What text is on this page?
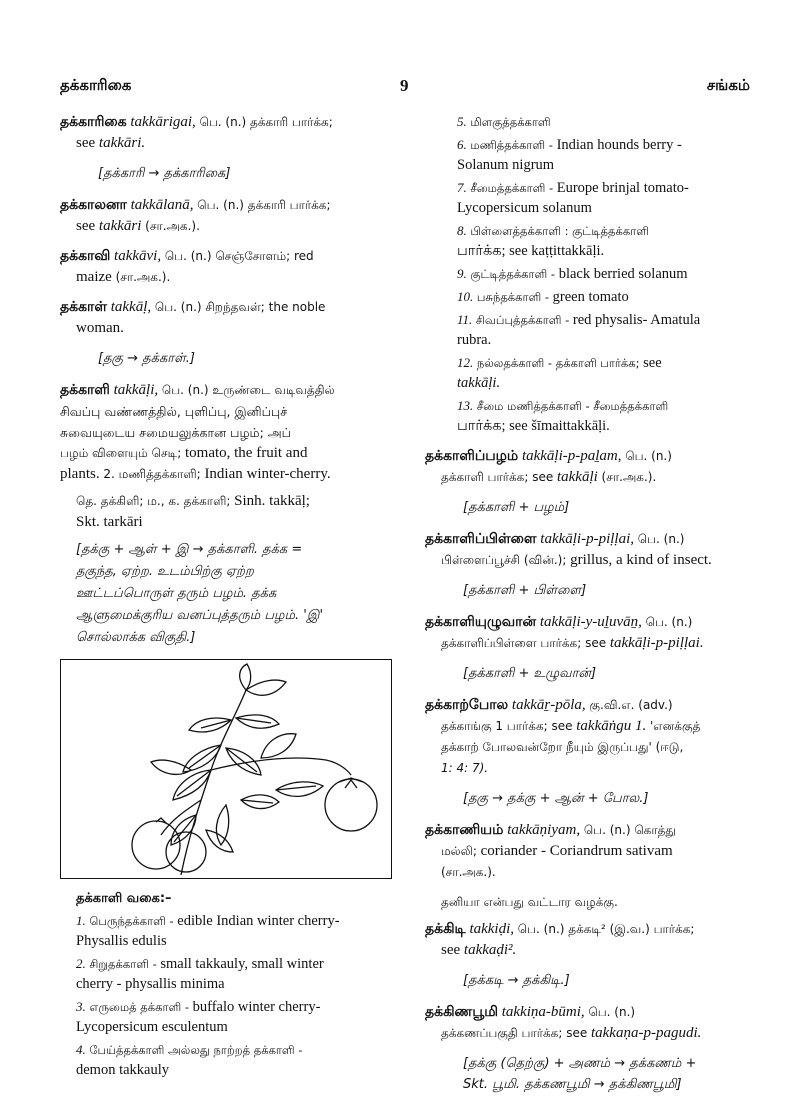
தக்காரிகை	9	சங்கம்
தக்காரிகை takkārigai, பெ. (n.) தக்காரி பார்க்க;
see takkāri.
[தக்காரி → தக்காரிகை]
தக்காலனா takkālanā, பெ. (n.) தக்காரி பார்க்க;
see takkāri (சா.அக.).
தக்காவி takkāvi, பெ. (n.) செஞ்சோளம்; red
maize (சா.அக.).
தக்காள் takkāḷ, பெ. (n.) சிறந்தவள்; the noble
woman.
[தகு → தக்காள்.]
தக்காளி takkāḷi, பெ. (n.) உருண்டை வடிவத்தில்
சிவப்பு வண்ணத்தில், புளிப்பு, இனிப்புச்
சுவையுடைய சமையலுக்கான பழம்; அப்
பழம் விளையும் செடி; tomato, the fruit and
plants. 2. மணித்தக்காளி; Indian winter-cherry.
தெ. தக்கிளி; ம., க. தக்காளி; Sinh. takkāḷ;
Skt. tarkāri
[தக்கு + ஆள் + இ → தக்காளி. தக்க =
தகுந்த, ஏற்ற. உடம்பிற்கு ஏற்ற
ஊட்டப்பொருள் தரும் பழம். தக்க
ஆளுமைக்குரிய வனப்புத்தரும் பழம். 'இ'
சொல்லாக்க விகுதி.]
தக்காளி வகை:–
1. பெருந்தக்காளி - edible Indian winter cherry-
Physallis edulis
2. சிறுதக்காளி - small takkauly, small winter
cherry - physallis minima
3. எருமைத் தக்காளி - buffalo winter cherry-
Lycopersicum esculentum
4. பேய்த்தக்காளி அல்லது நாற்றத் தக்காளி -
demon takkauly
5. மிளகுத்தக்காளி
6. மணித்தக்காளி - Indian hounds berry -
Solanum nigrum
7. சீமைத்தக்காளி - Europe brinjal tomato-
Lycopersicum solanum
8. பிள்ளைத்தக்காளி : குட்டித்தக்காளி
பார்க்க; see kaṭṭittakkāḷi.
9. குட்டித்தக்காளி - black berried solanum
10. பசுந்தக்காளி - green tomato
11. சிவப்புத்தக்காளி - red physalis- Amatula
rubra.
12. நல்லதக்காளி - தக்காளி பார்க்க; see
takkāḷi.
13. சீமை மணித்தக்காளி - சீமைத்தக்காளி
பார்க்க; see šīmaittakkāḷi.
தக்காளிப்பழம் takkāḷi-p-paḻam, பெ. (n.)
தக்காளி பார்க்க; see takkāḷi (சா.அக.).
[தக்காளி + பழம்]
தக்காளிப்பிள்ளை takkāḷi-p-piḷḷai, பெ. (n.)
பிள்ளைப்பூச்சி (வின்.); grillus, a kind of insect.
[தக்காளி + பிள்ளை]
தக்காளியுழுவான் takkāḷi-y-uḻuvāṉ, பெ. (n.)
தக்காளிப்பிள்ளை பார்க்க; see takkāḷi-p-piḷḷai.
[தக்காளி + உழுவான்]
தக்காற்போல takkāṟ-pōla, கு.வி.எ. (adv.)
தக்காங்கு 1 பார்க்க; see takkāṅgu 1. 'எனக்குத்
தக்காற் போலவன்றோ நீயும் இருப்பது' (ஈடு,
1: 4: 7).
[தகு → தக்கு + ஆன் + போல.]
தக்காணியம் takkāṇiyam, பெ. (n.) கொத்து
மல்லி; coriander - Coriandrum sativam
(சா.அக.).
தனியா என்பது வட்டார வழக்கு.
தக்கிடி takkiḍi, பெ. (n.) தக்கடி² (இ.வ.) பார்க்க;
see takkaḍi².
[தக்கடி → தக்கிடி.]
தக்கிணபூமி takkiṇa-būmi, பெ. (n.)
தக்கணப்பகுதி பார்க்க; see takkaṇa-p-pagudi.
[தக்கு (தெற்கு) + அணம் → தக்கணம் +
Skt. பூமி. தக்கணபூமி → தக்கிணபூமி]
